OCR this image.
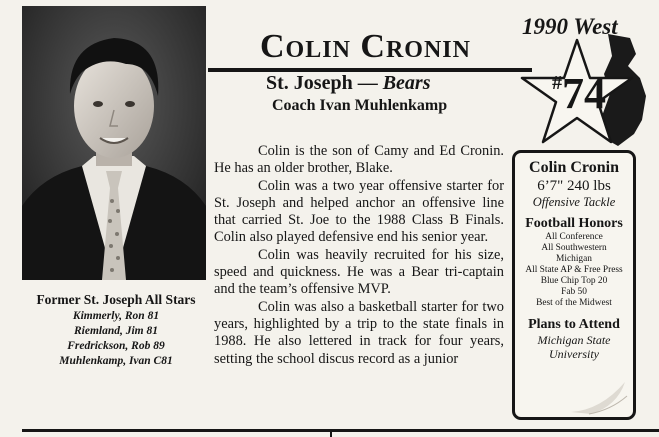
Colin Cronin
St. Joseph — Bears
Coach Ivan Muhlenkamp
1990 West
#74

Colin is the son of Camy and Ed Cronin. He has an older brother, Blake.

Colin was a two year offensive starter for St. Joseph and helped anchor an offensive line that carried St. Joe to the 1988 Class B Finals. Colin also played defensive end his senior year.

Colin was heavily recruited for his size, speed and quickness. He was a Bear tri-captain and the team’s offensive MVP.

Colin was also a basketball starter for two years, highlighted by a trip to the state finals in 1988. He also lettered in track for four years, setting the school discus record as a junior

Former St. Joseph All Stars
Kimmerly, Ron 81
Riemland, Jim 81
Fredrickson, Rob 89
Muhlenkamp, Ivan C81
Colin Cronin
6’7" 240 lbs
Offensive Tackle
Football Honors
All Conference
All Southwestern
Michigan
All State AP & Free Press
Blue Chip Top 20
Fab 50
Best of the Midwest
Plans to Attend
Michigan State
University
